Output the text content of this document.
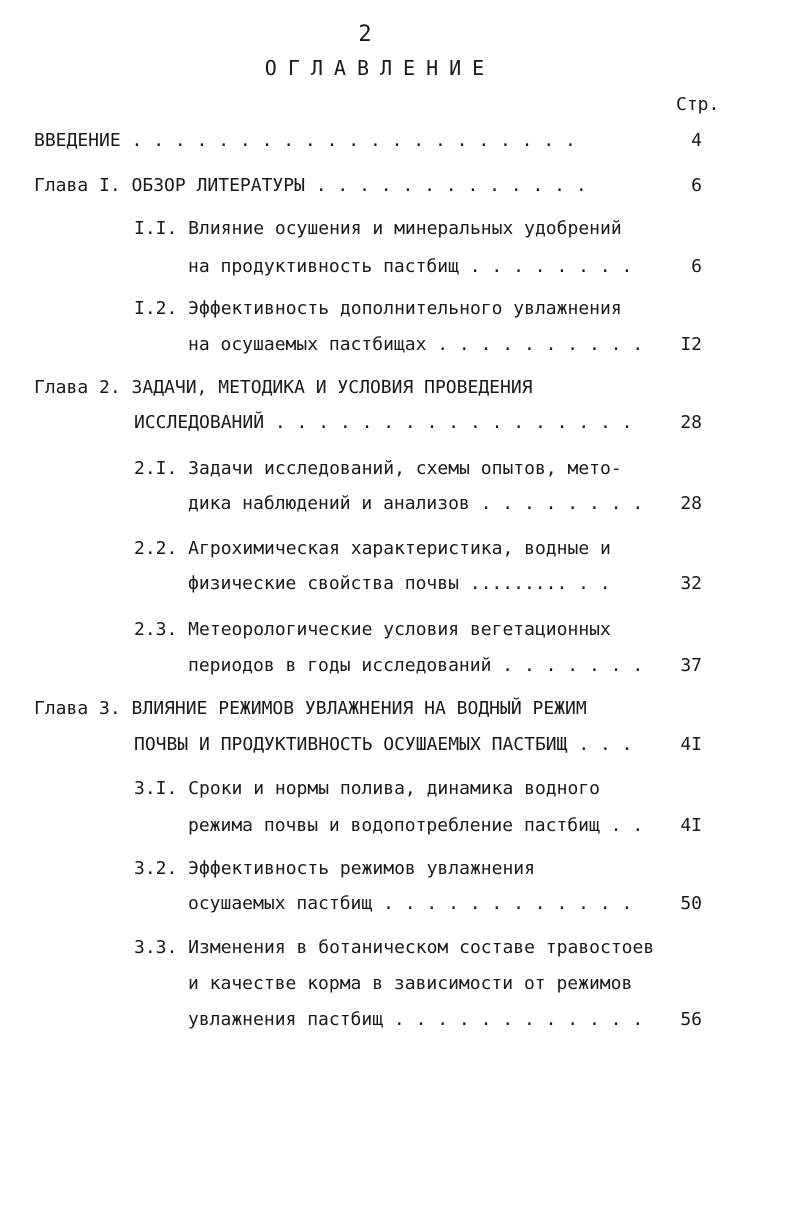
2
ОГЛАВЛЕНИЕ
Стр.
ВВЕДЕНИЕ . . . . . . . . . . . . . . . . . . . . .	4
Глава I. ОБЗОР ЛИТЕРАТУРЫ . . . . . . . . . . . . .	6
I.I. Влияние осушения и минеральных удобрений
на продуктивность пастбищ . . . . . . . .	6
I.2. Эффективность дополнительного увлажнения
на осушаемых пастбищах . . . . . . . . . .	I2
Глава 2. ЗАДАЧИ, МЕТОДИКА И УСЛОВИЯ ПРОВЕДЕНИЯ
ИССЛЕДОВАНИЙ . . . . . . . . . . . . . . . . .	28
2.I. Задачи исследований, схемы опытов, мето-
дика наблюдений и анализов . . . . . . . .	28
2.2. Агрохимическая характеристика, водные и
физические свойства почвы ......... . .	32
2.3. Метеорологические условия вегетационных
периодов в годы исследований . . . . . . .	37
Глава 3. ВЛИЯНИЕ РЕЖИМОВ УВЛАЖНЕНИЯ НА ВОДНЫЙ РЕЖИМ
ПОЧВЫ И ПРОДУКТИВНОСТЬ ОСУШАЕМЫХ ПАСТБИЩ . . .	4I
3.I. Сроки и нормы полива, динамика водного
режима почвы и водопотребление пастбищ . .	4I
3.2. Эффективность режимов увлажнения
осушаемых пастбищ . . . . . . . . . . . .	50
3.3. Изменения в ботаническом составе травостоев
и качестве корма в зависимости от режимов
увлажнения пастбищ . . . . . . . . . . . .	56
